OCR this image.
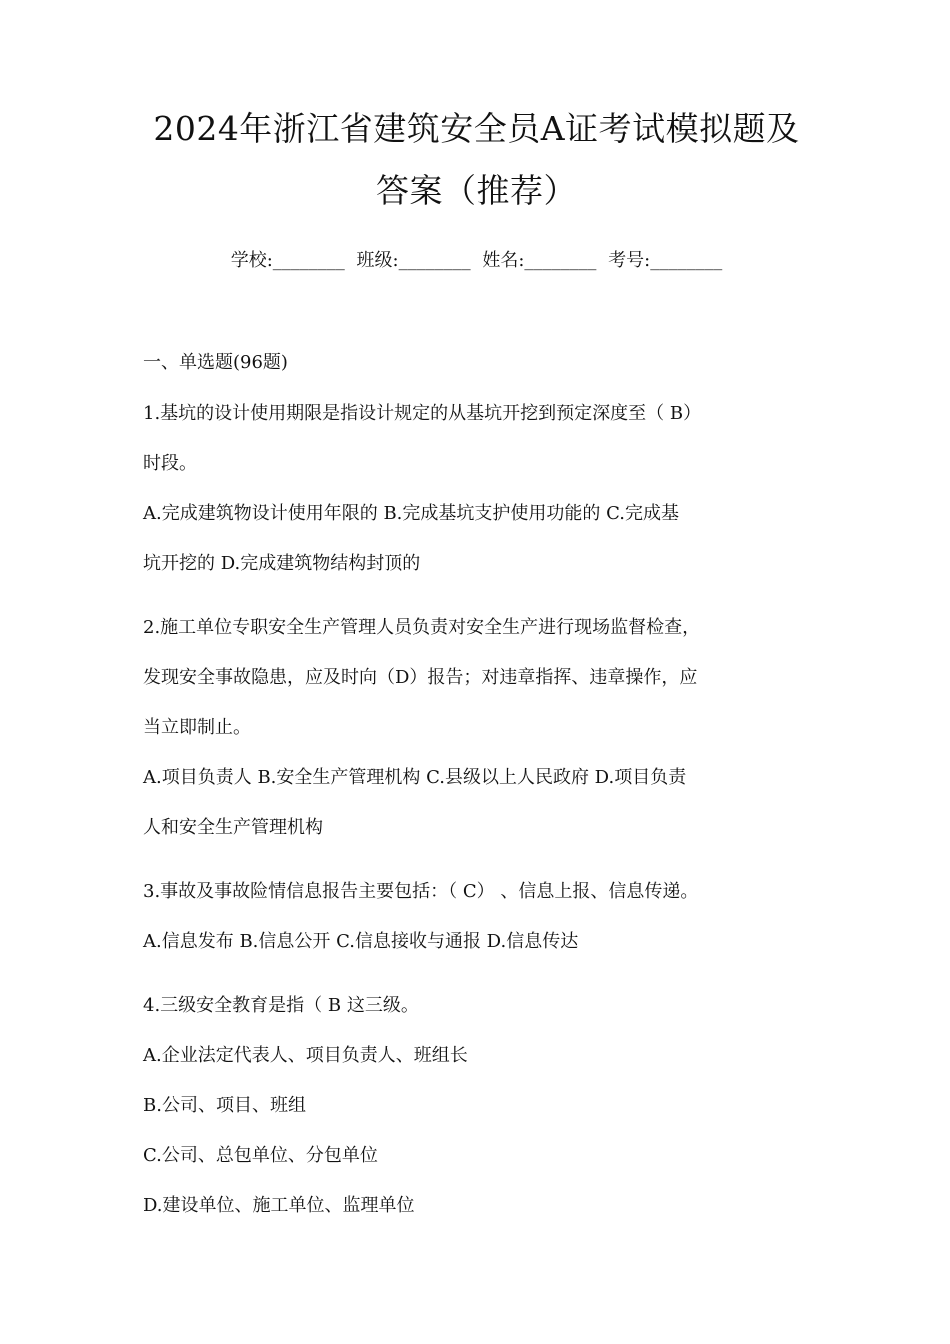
2024年浙江省建筑安全员A证考试模拟题及
答案（推荐）
学校:________ 班级:________ 姓名:________ 考号:________
一、单选题(96题)

1.基坑的设计使用期限是指设计规定的从基坑开挖到预定深度至（ B）

时段。

A.完成建筑物设计使用年限的 B.完成基坑支护使用功能的 C.完成基

坑开挖的 D.完成建筑物结构封顶的

2.施工单位专职安全生产管理人员负责对安全生产进行现场监督检查，

发现安全事故隐患，应及时向（D）报告；对违章指挥、违章操作，应

当立即制止。

A.项目负责人 B.安全生产管理机构 C.县级以上人民政府 D.项目负责

人和安全生产管理机构

3.事故及事故险情信息报告主要包括：（ C） 、信息上报、信息传递。

A.信息发布 B.信息公开 C.信息接收与通报 D.信息传达

4.三级安全教育是指（ B 这三级。

A.企业法定代表人、项目负责人、班组长

B.公司、项目、班组

C.公司、总包单位、分包单位

D.建设单位、施工单位、监理单位
